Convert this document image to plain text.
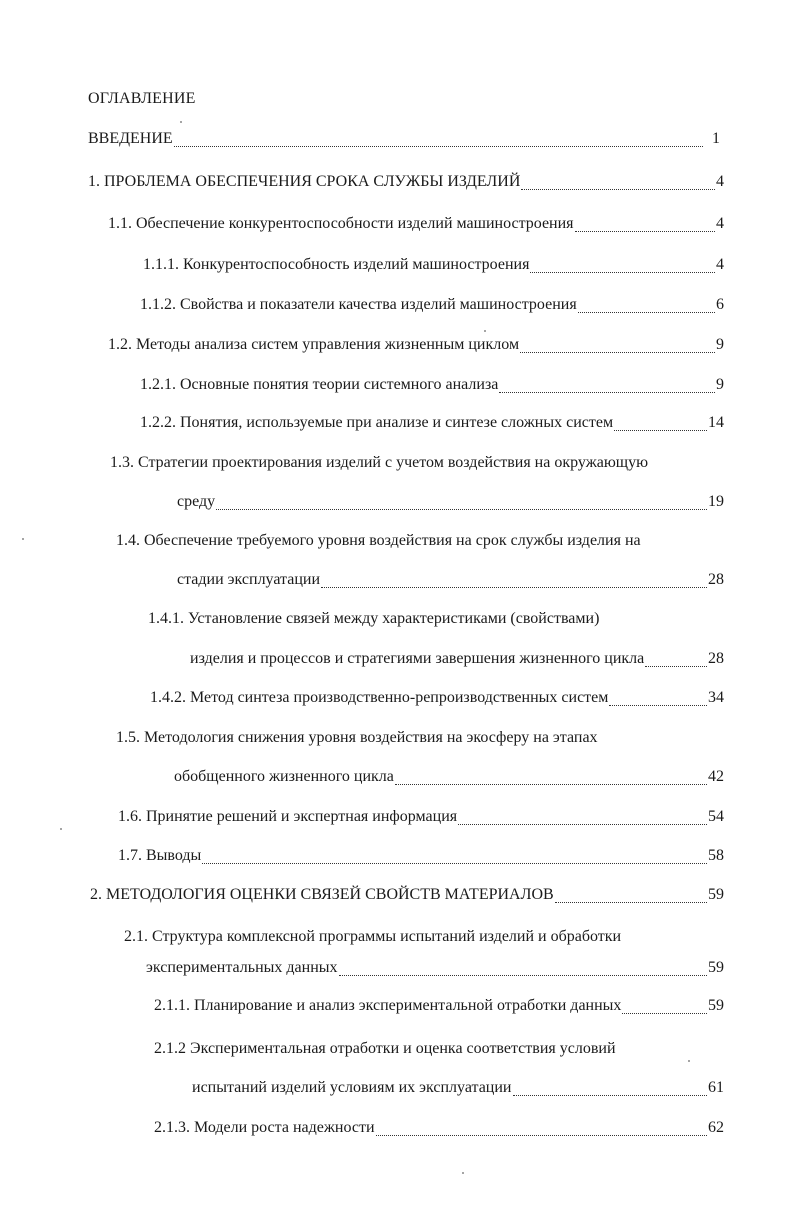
ОГЛАВЛЕНИЕ
ВВЕДЕНИЕ	1
1. ПРОБЛЕМА ОБЕСПЕЧЕНИЯ СРОКА СЛУЖБЫ ИЗДЕЛИЙ	4
1.1. Обеспечение конкурентоспособности изделий машиностроения	4
1.1.1. Конкурентоспособность изделий машиностроения	4
1.1.2. Свойства и показатели качества изделий машиностроения	6
1.2. Методы анализа систем управления жизненным циклом	9
1.2.1. Основные понятия теории системного анализа	9
1.2.2. Понятия, используемые при анализе и синтезе сложных систем	14
1.3. Стратегии проектирования изделий с учетом воздействия на окружающую
среду	19
1.4. Обеспечение требуемого уровня воздействия на срок службы изделия на
стадии эксплуатации	28
1.4.1. Установление связей между характеристиками (свойствами)
изделия и процессов и стратегиями завершения жизненного цикла	28
1.4.2. Метод синтеза производственно-репроизводственных систем	34
1.5. Методология снижения уровня воздействия на экосферу на этапах
обобщенного жизненного цикла	42
1.6. Принятие решений и экспертная информация	54
1.7. Выводы	58
2. МЕТОДОЛОГИЯ ОЦЕНКИ СВЯЗЕЙ СВОЙСТВ МАТЕРИАЛОВ	59
2.1. Структура комплексной программы испытаний изделий и обработки
экспериментальных данных	59
2.1.1. Планирование и анализ экспериментальной отработки данных	59
2.1.2 Экспериментальная отработки и оценка соответствия условий
испытаний изделий условиям их эксплуатации	61
2.1.3. Модели роста надежности	62
